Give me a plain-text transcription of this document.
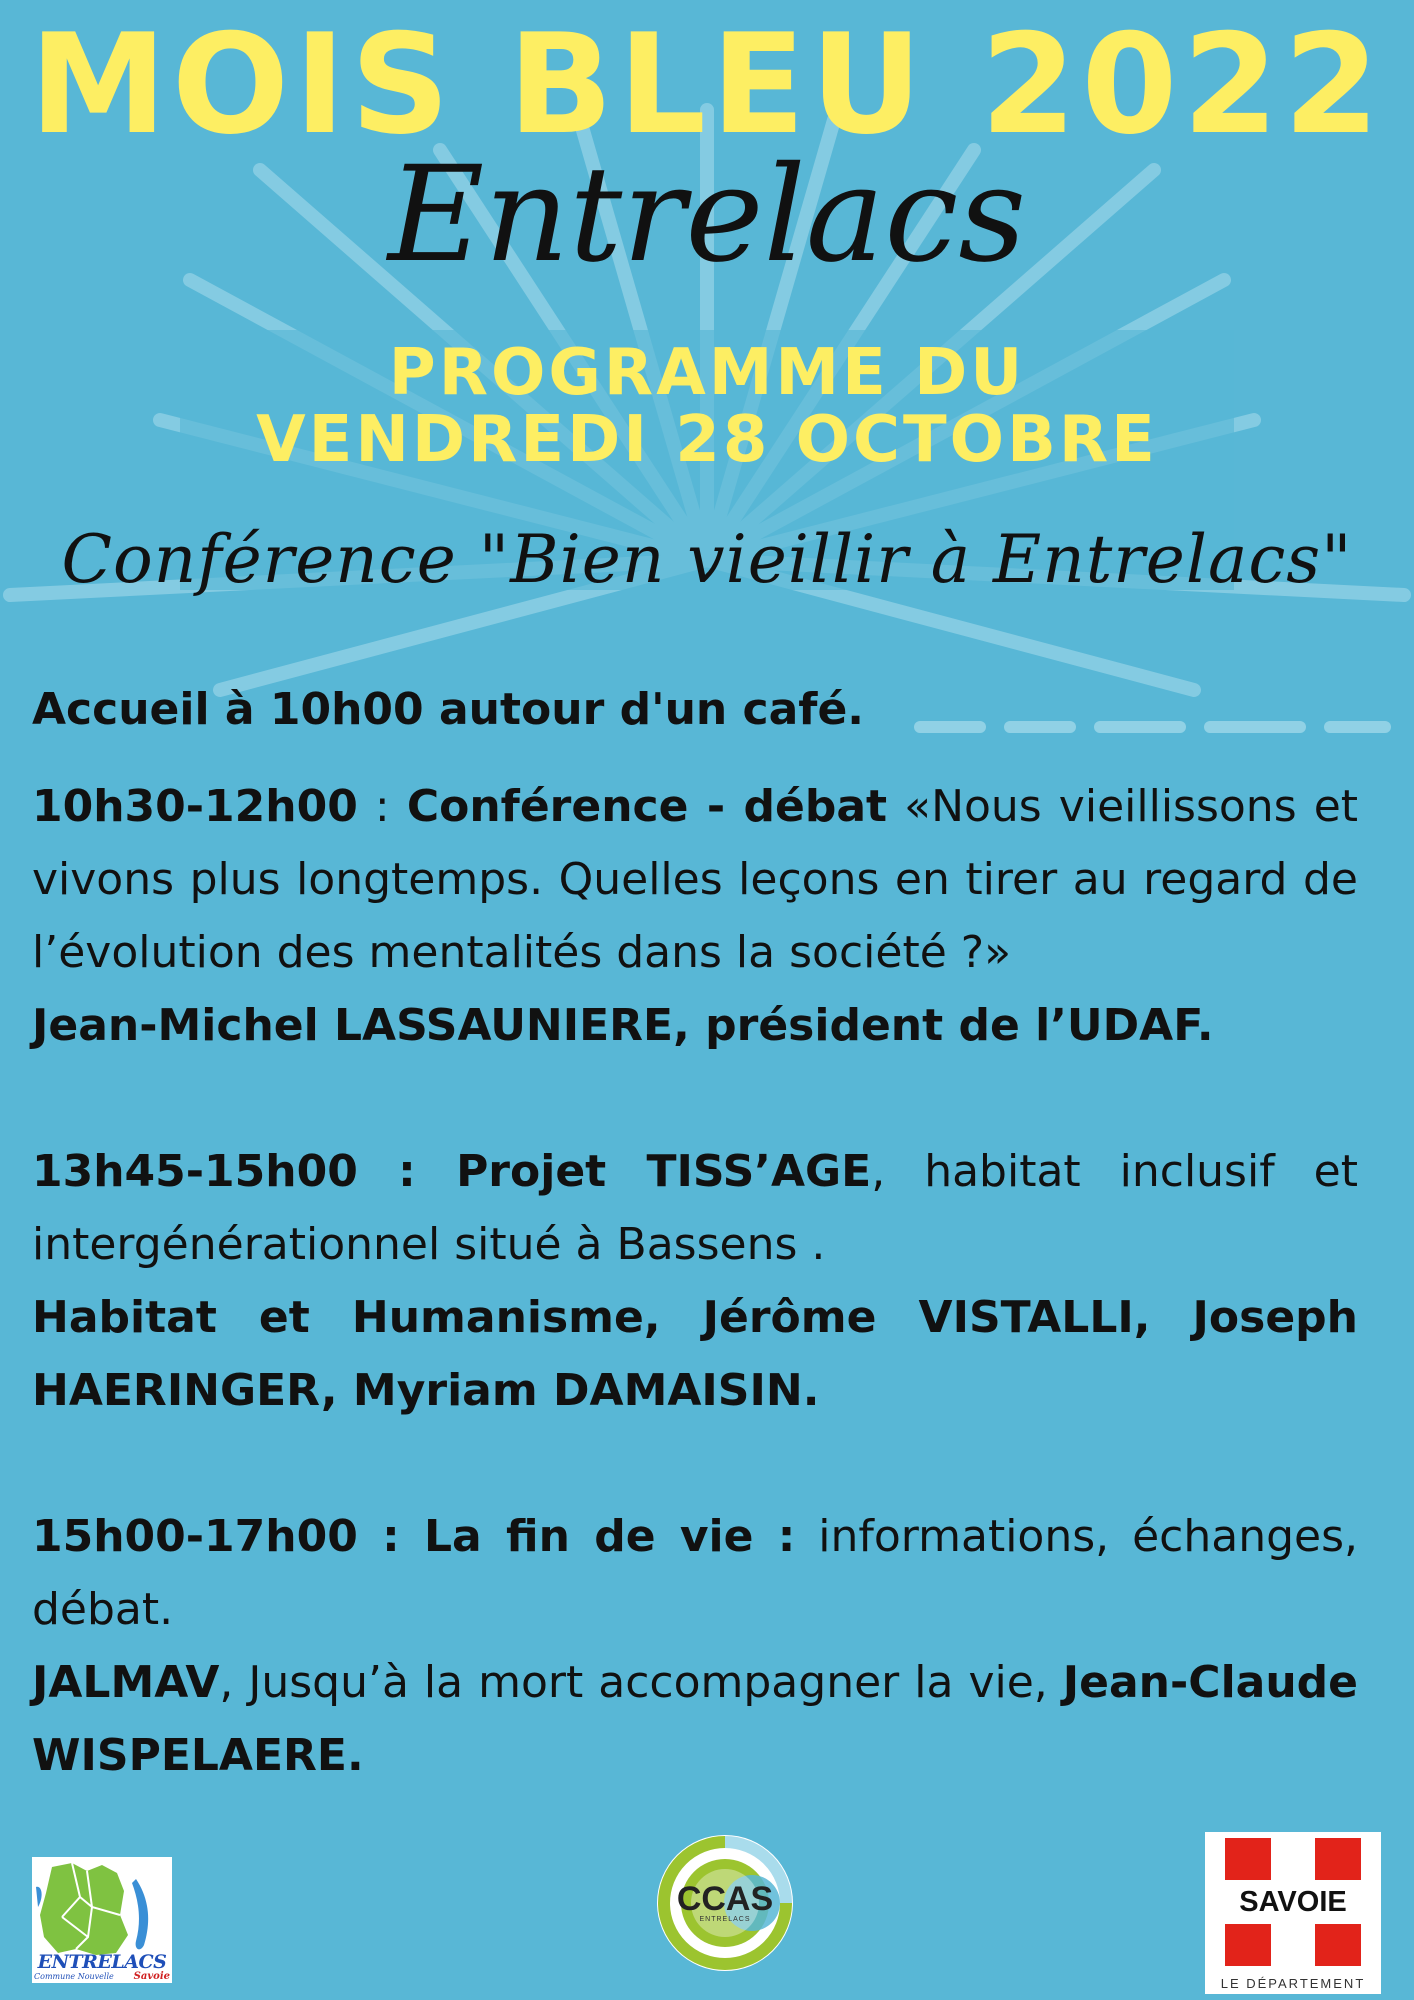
MOIS BLEU 2022
Entrelacs
PROGRAMME DU
VENDREDI 28 OCTOBRE
Conférence "Bien vieillir à Entrelacs"

Accueil à 10h00 autour d'un café.

10h30-12h00 : Conférence - débat «Nous vieillissons et vivons plus longtemps. Quelles leçons en tirer au regard de l’évolution des mentalités dans la société ?»

Jean-Michel LASSAUNIERE, président de l’UDAF.

13h45-15h00 : Projet TISS’AGE, habitat inclusif et intergénérationnel situé à Bassens .

Habitat et Humanisme, Jérôme VISTALLI, Joseph HAERINGER, Myriam DAMAISIN.

15h00-17h00 : La fin de vie : informations, échanges, débat.

JALMAV, Jusqu’à la mort accompagner la vie, Jean-Claude WISPELAERE.

ENTRELACS
Commune Nouvelle Savoie
CCAS
ENTRELACS
SAVOIE
LE DÉPARTEMENT
